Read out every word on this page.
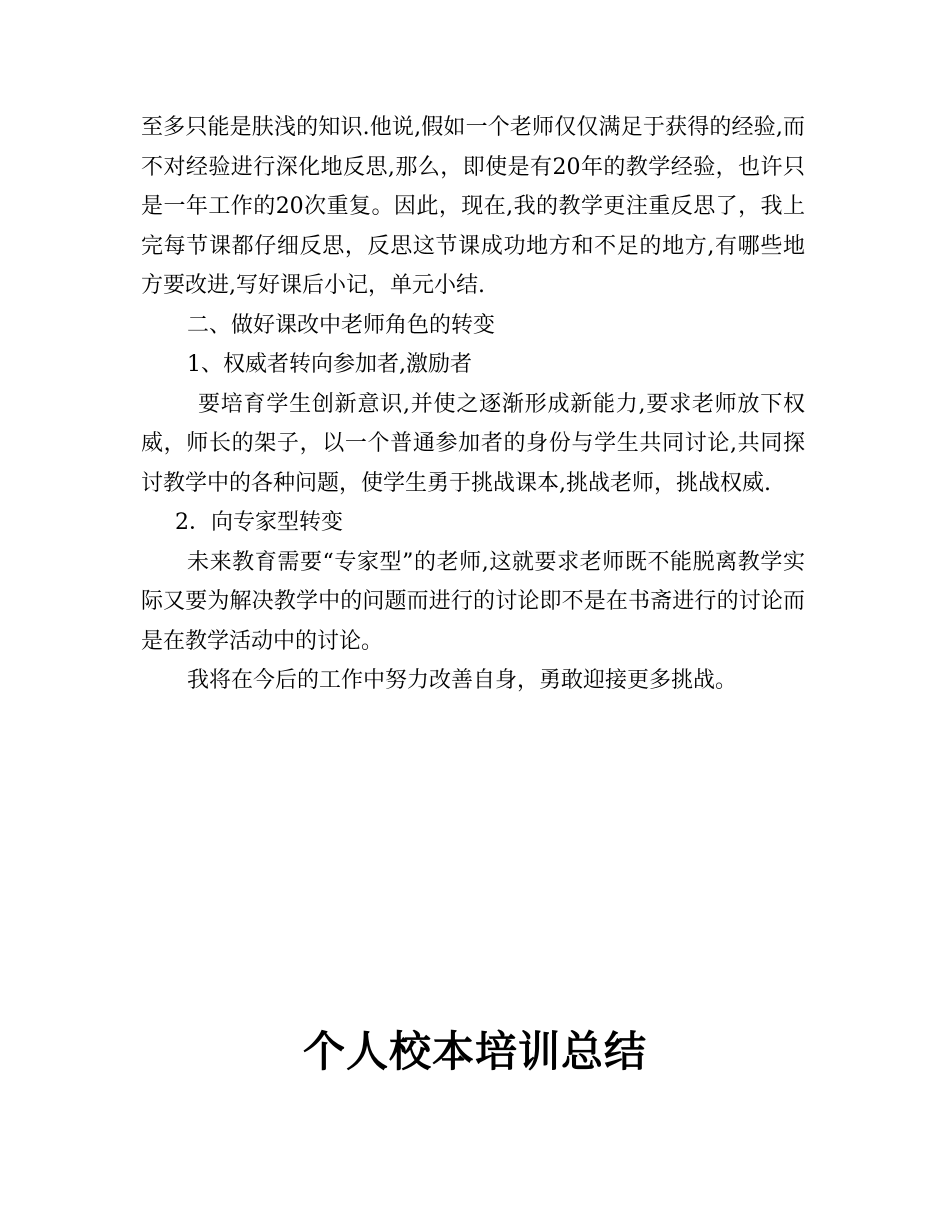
至多只能是肤浅的知识.他说,假如一个老师仅仅满足于获得的经验,而不对经验进行深化地反思,那么，即使是有20年的教学经验，也许只是一年工作的20次重复。因此，现在,我的教学更注重反思了，我上完每节课都仔细反思，反思这节课成功地方和不足的地方,有哪些地方要改进,写好课后小记，单元小结.

二、做好课改中老师角色的转变

1、权威者转向参加者,激励者

要培育学生创新意识,并使之逐渐形成新能力,要求老师放下权威，师长的架子，以一个普通参加者的身份与学生共同讨论,共同探讨教学中的各种问题，使学生勇于挑战课本,挑战老师，挑战权威.

2．向专家型转变

未来教育需要“专家型”的老师,这就要求老师既不能脱离教学实际又要为解决教学中的问题而进行的讨论即不是在书斋进行的讨论而是在教学活动中的讨论。

我将在今后的工作中努力改善自身，勇敢迎接更多挑战。

个人校本培训总结
